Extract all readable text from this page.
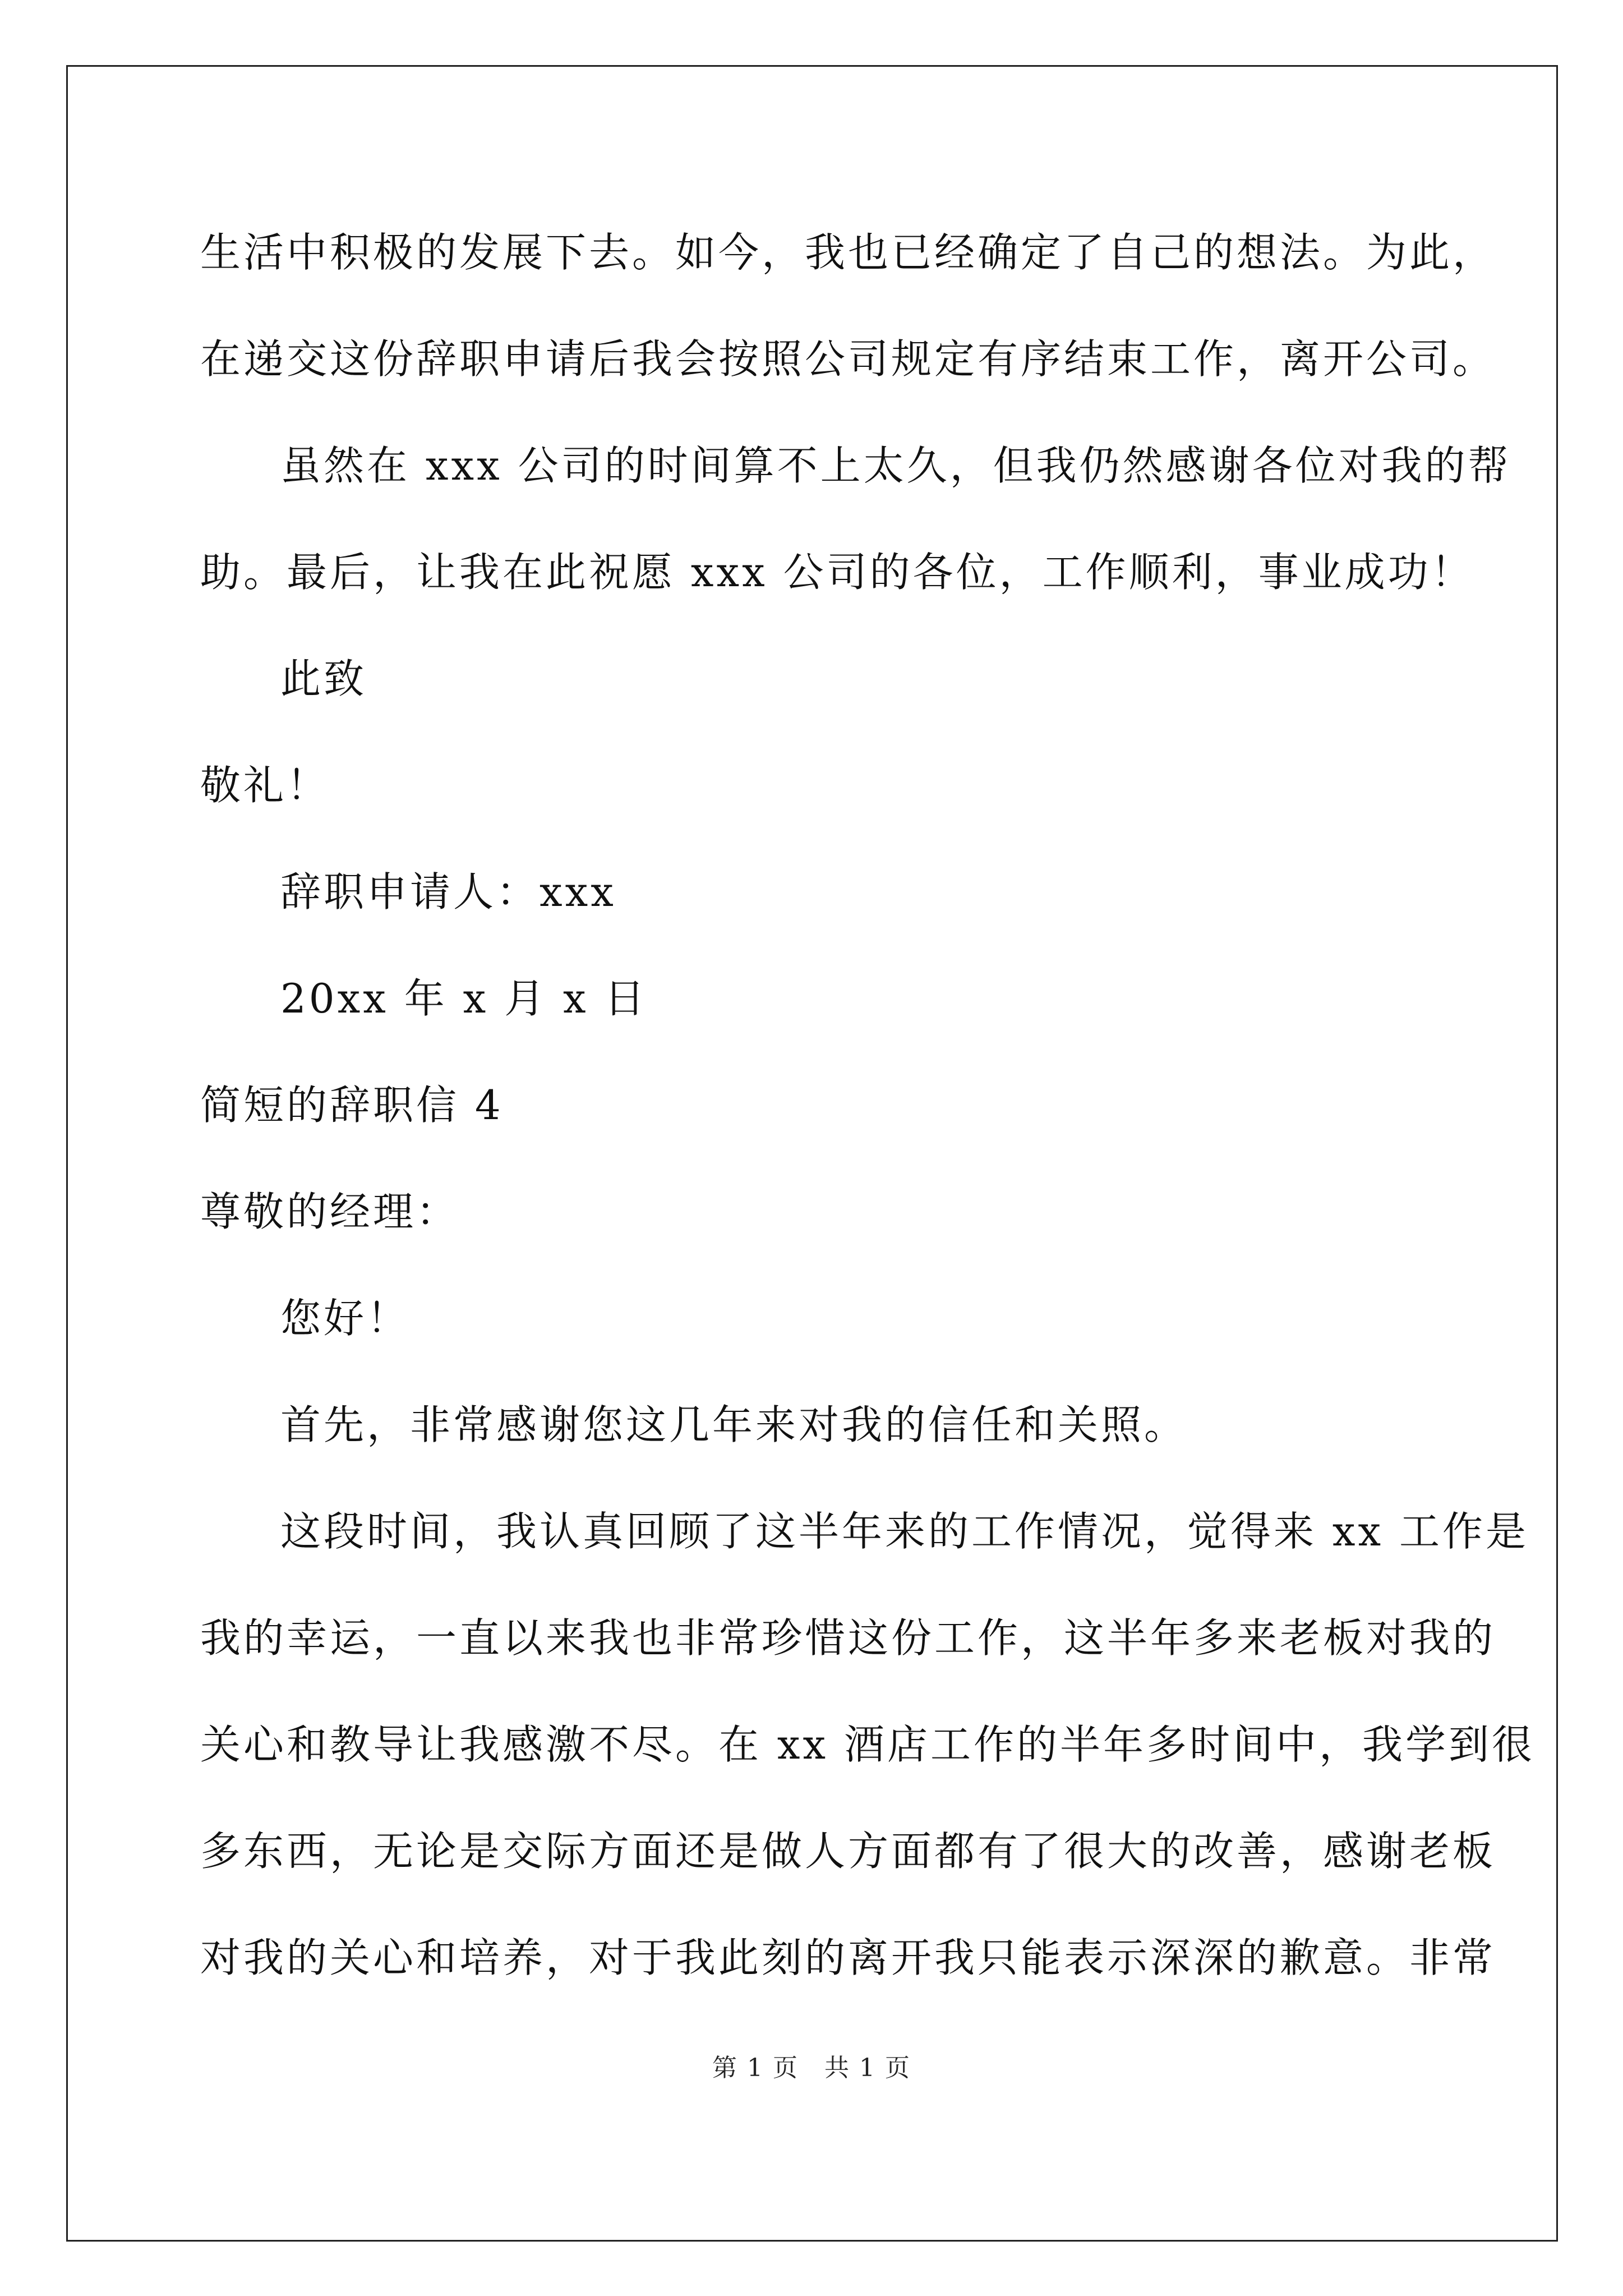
生活中积极的发展下去。如今，我也已经确定了自己的想法。为此，
在递交这份辞职申请后我会按照公司规定有序结束工作，离开公司。
虽然在 xxx 公司的时间算不上太久，但我仍然感谢各位对我的帮
助。最后，让我在此祝愿 xxx 公司的各位，工作顺利，事业成功！
此致
敬礼！
辞职申请人：xxx
20xx 年 x 月 x 日
简短的辞职信 4
尊敬的经理：
您好！
首先，非常感谢您这几年来对我的信任和关照。
这段时间，我认真回顾了这半年来的工作情况，觉得来 xx 工作是
我的幸运，一直以来我也非常珍惜这份工作，这半年多来老板对我的
关心和教导让我感激不尽。在 xx 酒店工作的半年多时间中，我学到很
多东西，无论是交际方面还是做人方面都有了很大的改善，感谢老板
对我的关心和培养，对于我此刻的离开我只能表示深深的歉意。非常
第 1 页　共 1 页
